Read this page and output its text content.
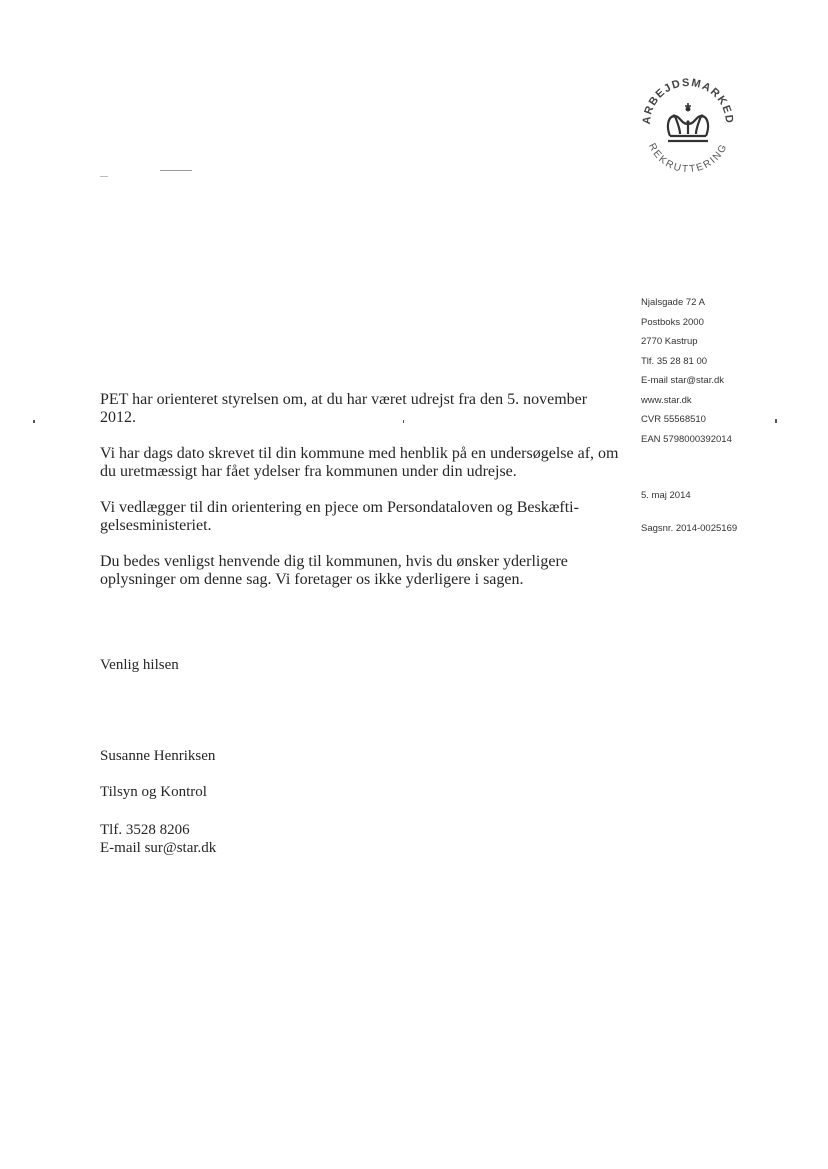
ARBEJDSMARKED
REKRUTTERING
Njalsgade 72 A
Postboks 2000
2770 Kastrup
Tlf. 35 28 81 00
E-mail star@star.dk
www.star.dk
CVR 55568510
EAN 5798000392014
5. maj 2014
Sagsnr. 2014-0025169

PET har orienteret styrelsen om, at du har været udrejst fra den 5. november 2012.

Vi har dags dato skrevet til din kommune med henblik på en undersøgelse af, om du uretmæssigt har fået ydelser fra kommunen under din udrejse.

Vi vedlægger til din orientering en pjece om Persondataloven og Beskæfti-gelsesministeriet.

Du bedes venligst henvende dig til kommunen, hvis du ønsker yderligere oplysninger om denne sag. Vi foretager os ikke yderligere i sagen.

Venlig hilsen
Susanne Henriksen
Tilsyn og Kontrol
Tlf. 3528 8206
E-mail sur@star.dk
